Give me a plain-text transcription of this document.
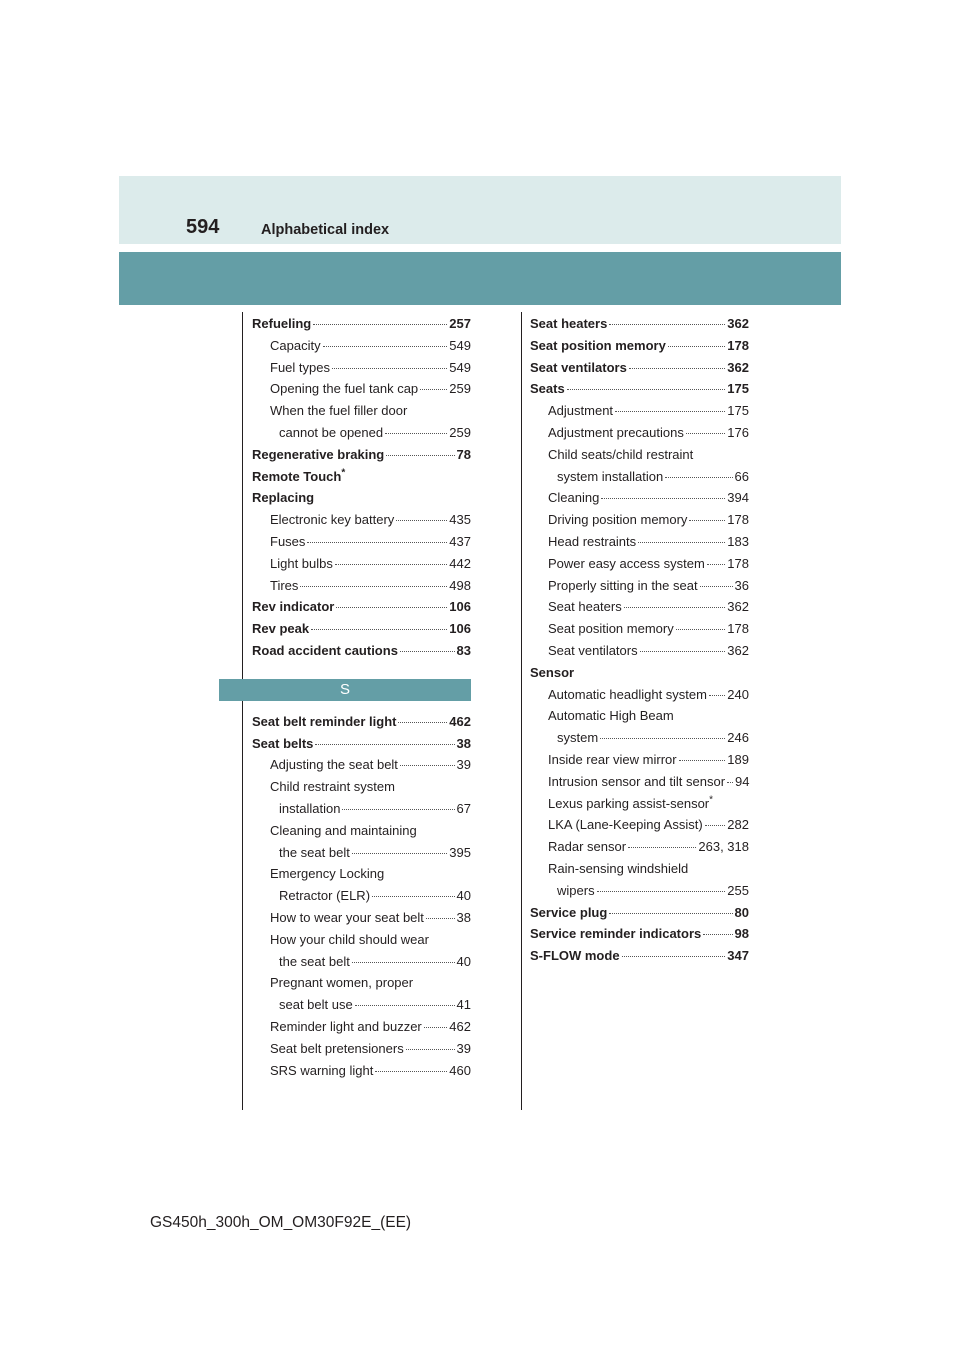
594	Alphabetical index
Refueling	257
Capacity	549
Fuel types	549
Opening the fuel tank cap 259
When the fuel filler door
cannot be opened	259
Regenerative braking	78
Remote Touch*
Replacing
Electronic key battery	435
Fuses	437
Light bulbs	442
Tires	498
Rev indicator	106
Rev peak	106
Road accident cautions	83
S
Seat belt reminder light	462
Seat belts	38
Adjusting the seat belt	39
Child restraint system
installation	67
Cleaning and maintaining
the seat belt	395
Emergency Locking
Retractor (ELR)	40
How to wear your seat belt	38
How your child should wear
the seat belt	40
Pregnant women, proper
seat belt use	41
Reminder light and buzzer 462
Seat belt pretensioners	39
SRS warning light	460
Seat heaters	362
Seat position memory	178
Seat ventilators	362
Seats	175
Adjustment	175
Adjustment precautions	176
Child seats/child restraint
system installation	66
Cleaning	394
Driving position memory	178
Head restraints	183
Power easy access system 178
Properly sitting in the seat	36
Seat heaters	362
Seat position memory	178
Seat ventilators	362
Sensor
Automatic headlight system 240
Automatic High Beam
system	246
Inside rear view mirror	189
Intrusion sensor and tilt sensor 94
Lexus parking assist-sensor*
LKA (Lane-Keeping Assist) 282
Radar sensor	263, 318
Rain-sensing windshield
wipers	255
Service plug	80
Service reminder indicators	98
S-FLOW mode	347
GS450h_300h_OM_OM30F92E_(EE)
